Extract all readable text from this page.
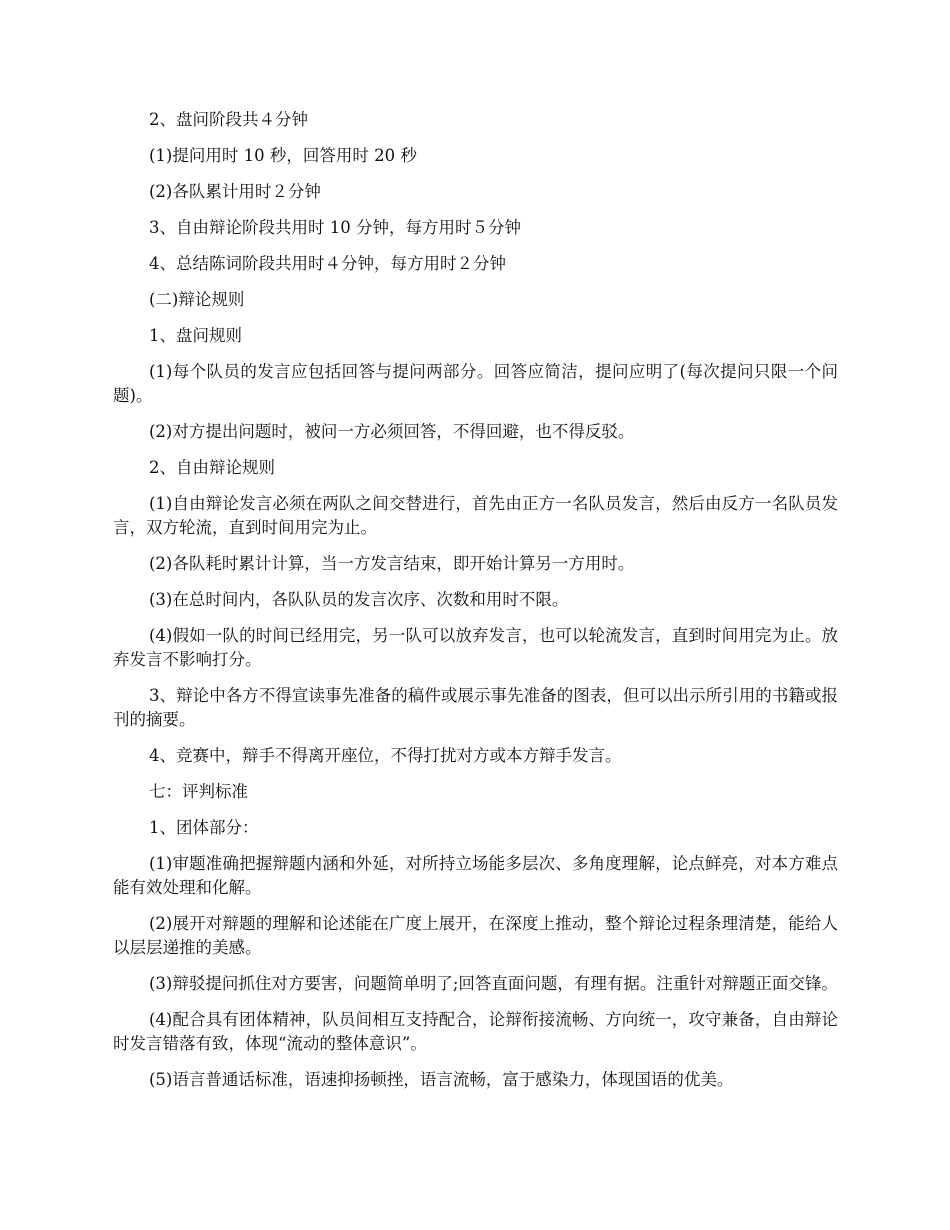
2、盘问阶段共４分钟

(1)提问用时 10 秒，回答用时 20 秒

(2)各队累计用时２分钟

3、自由辩论阶段共用时 10 分钟，每方用时５分钟

4、总结陈词阶段共用时４分钟，每方用时２分钟

(二)辩论规则

1、盘问规则

(1)每个队员的发言应包括回答与提问两部分。回答应简洁，提问应明了(每次提问只限一个问题)。

(2)对方提出问题时，被问一方必须回答，不得回避，也不得反驳。

2、自由辩论规则

(1)自由辩论发言必须在两队之间交替进行，首先由正方一名队员发言，然后由反方一名队员发言，双方轮流，直到时间用完为止。

(2)各队耗时累计计算，当一方发言结束，即开始计算另一方用时。

(3)在总时间内，各队队员的发言次序、次数和用时不限。

(4)假如一队的时间已经用完，另一队可以放弃发言，也可以轮流发言，直到时间用完为止。放弃发言不影响打分。

3、辩论中各方不得宣读事先准备的稿件或展示事先准备的图表，但可以出示所引用的书籍或报刊的摘要。

4、竞赛中，辩手不得离开座位，不得打扰对方或本方辩手发言。

七：评判标准

1、团体部分：

(1)审题准确把握辩题内涵和外延，对所持立场能多层次、多角度理解，论点鲜亮，对本方难点能有效处理和化解。

(2)展开对辩题的理解和论述能在广度上展开，在深度上推动，整个辩论过程条理清楚，能给人以层层递推的美感。

(3)辩驳提问抓住对方要害，问题简单明了;回答直面问题，有理有据。注重针对辩题正面交锋。

(4)配合具有团体精神，队员间相互支持配合，论辩衔接流畅、方向统一，攻守兼备，自由辩论时发言错落有致，体现“流动的整体意识”。

(5)语言普通话标准，语速抑扬顿挫，语言流畅，富于感染力，体现国语的优美。
